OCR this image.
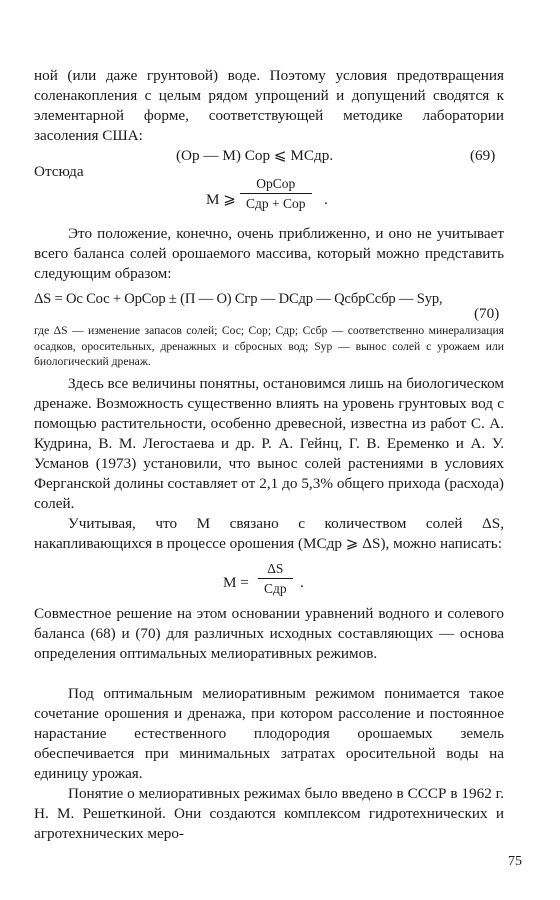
ной (или даже грунтовой) воде. Поэтому условия предотвращения соленакопления с целым рядом упрощений и допущений сводятся к элементарной форме, соответствующей методике лаборатории засоления США:

(Ор — М) Cор ⩽ MCдр.	(69)
Отсюда
М ⩾
ОрCор
Cдр + Cор	.

Это положение, конечно, очень приближенно, и оно не учитывает всего баланса солей орошаемого массива, который можно представить следующим образом:

ΔS = Ос Cос + ОрCор ± (П — О) Cгр — DCдр — QсбрCсбр — Sур,
(70)

где ΔS — изменение запасов солей; Cос; Cор; Cдр; Cсбр — соответственно минерализация осадков, оросительных, дренажных и сбросных вод; Sур — вынос солей с урожаем или биологический дренаж.

Здесь все величины понятны, остановимся лишь на биологическом дренаже. Возможность существенно влиять на уровень грунтовых вод с помощью растительности, особенно древесной, известна из работ С. А. Кудрина, В. М. Легостаева и др. Р. А. Гейнц, Г. В. Еременко и А. У. Усманов (1973) установили, что вынос солей растениями в условиях Ферганской долины составляет от 2,1 до 5,3% общего прихода (расхода) солей.

Учитывая, что М связано с количеством солей ΔS, накапливающихся в процессе орошения (MCдр ⩾ ΔS), можно написать:

М =
ΔS
Cдр .

Совместное решение на этом основании уравнений водного и солевого баланса (68) и (70) для различных исходных составляющих — основа определения оптимальных мелиоративных режимов.

Под оптимальным мелиоративным режимом понимается такое сочетание орошения и дренажа, при котором рассоление и постоянное нарастание естественного плодородия орошаемых земель обеспечивается при минимальных затратах оросительной воды на единицу урожая.

Понятие о мелиоративных режимах было введено в СССР в 1962 г. Н. М. Решеткиной. Они создаются комплексом гидротехнических и агротехнических меро-

75
